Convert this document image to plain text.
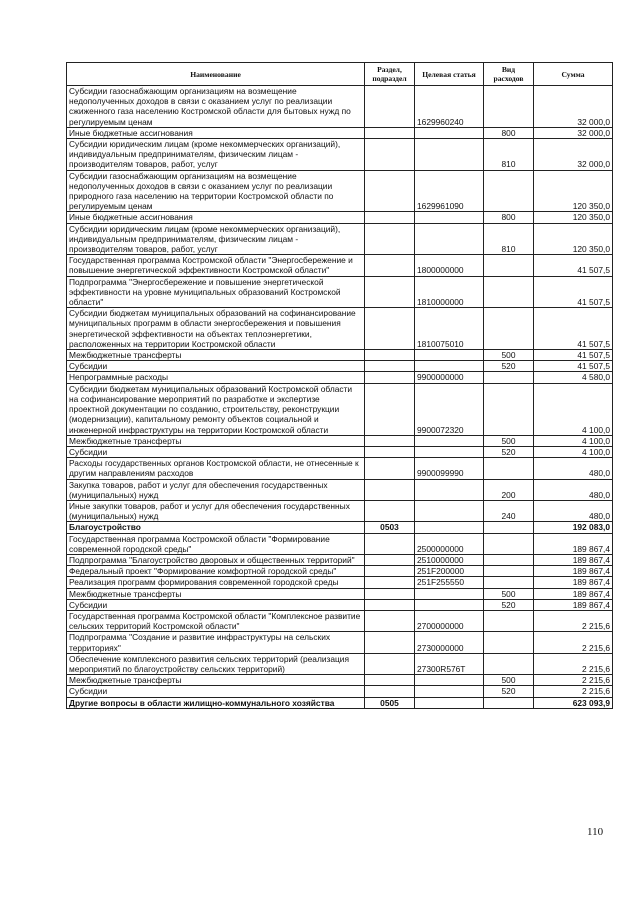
Наименование	Раздел, подраздел	Целевая статья	Вид расходов	Сумма
Субсидии газоснабжающим организациям на возмещение недополученных доходов в связи с оказанием услуг по реализации сжиженного газа населению Костромской области для бытовых нужд по регулируемым ценам		1629960240		32 000,0
Иные бюджетные ассигнования			800	32 000,0
Субсидии юридическим лицам (кроме некоммерческих организаций), индивидуальным предпринимателям, физическим лицам - производителям товаров, работ, услуг			810	32 000,0
Субсидии газоснабжающим организациям на возмещение недополученных доходов в связи с оказанием услуг по реализации природного газа населению на территории Костромской области по регулируемым ценам		1629961090		120 350,0
Иные бюджетные ассигнования			800	120 350,0
Субсидии юридическим лицам (кроме некоммерческих организаций), индивидуальным предпринимателям, физическим лицам - производителям товаров, работ, услуг			810	120 350,0
Государственная программа Костромской области "Энергосбережение и повышение энергетической эффективности Костромской области"		1800000000		41 507,5
Подпрограмма "Энергосбережение и повышение энергетической эффективности на уровне муниципальных образований Костромской области"		1810000000		41 507,5
Субсидии бюджетам муниципальных образований на софинансирование муниципальных программ в области энергосбережения и повышения энергетической эффективности на объектах теплоэнергетики, расположенных на территории Костромской области		1810075010		41 507,5
Межбюджетные трансферты			500	41 507,5
Субсидии			520	41 507,5
Непрограммные расходы		9900000000		4 580,0
Субсидии бюджетам муниципальных образований Костромской области на софинансирование мероприятий по разработке и экспертизе проектной документации по созданию, строительству, реконструкции (модернизации), капитальному ремонту объектов социальной и инженерной инфраструктуры на территории Костромской области		9900072320		4 100,0
Межбюджетные трансферты			500	4 100,0
Субсидии			520	4 100,0
Расходы государственных органов Костромской области, не отнесенные к другим направлениям расходов		9900099990		480,0
Закупка товаров, работ и услуг для обеспечения государственных (муниципальных) нужд			200	480,0
Иные закупки товаров, работ и услуг для обеспечения государственных (муниципальных) нужд			240	480,0
Благоустройство	0503			192 083,0
Государственная программа Костромской области "Формирование современной городской среды"		2500000000		189 867,4
Подпрограмма "Благоустройство дворовых и общественных территорий"		2510000000		189 867,4
Федеральный проект "Формирование комфортной городской среды"		251F200000		189 867,4
Реализация программ формирования современной городской среды		251F255550		189 867,4
Межбюджетные трансферты			500	189 867,4
Субсидии			520	189 867,4
Государственная программа Костромской области "Комплексное развитие сельских территорий Костромской области"		2700000000		2 215,6
Подпрограмма "Создание и развитие инфраструктуры на сельских территориях"		2730000000		2 215,6
Обеспечение комплексного развития сельских территорий (реализация мероприятий по благоустройству сельских территорий)		27300R576T		2 215,6
Межбюджетные трансферты			500	2 215,6
Субсидии			520	2 215,6
Другие вопросы в области жилищно-коммунального хозяйства	0505			623 093,9
110
